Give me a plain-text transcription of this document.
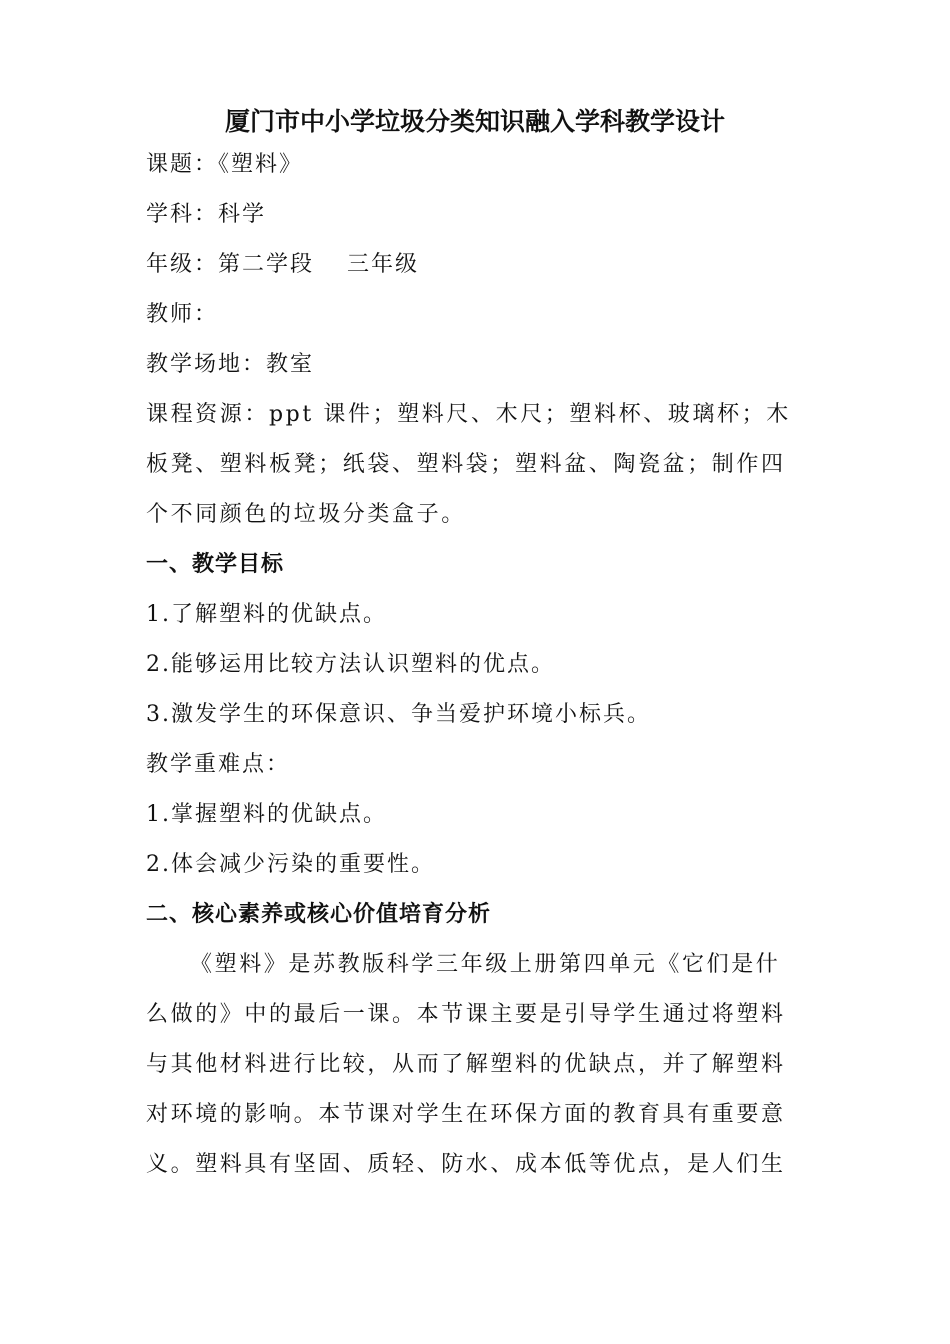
厦门市中小学垃圾分类知识融入学科教学设计
课题：《塑料》
学科：科学
年级：第二学段　 三年级
教师：
教学场地：教室
课程资源：ppt 课件；塑料尺、木尺；塑料杯、玻璃杯；木
板凳、塑料板凳；纸袋、塑料袋；塑料盆、陶瓷盆；制作四
个不同颜色的垃圾分类盒子。
一、教学目标
1.了解塑料的优缺点。
2.能够运用比较方法认识塑料的优点。
3.激发学生的环保意识、争当爱护环境小标兵。
教学重难点：
1.掌握塑料的优缺点。
2.体会减少污染的重要性。
二、核心素养或核心价值培育分析
《塑料》是苏教版科学三年级上册第四单元《它们是什
么做的》中的最后一课。本节课主要是引导学生通过将塑料
与其他材料进行比较，从而了解塑料的优缺点，并了解塑料
对环境的影响。本节课对学生在环保方面的教育具有重要意
义。塑料具有坚固、质轻、防水、成本低等优点，是人们生
